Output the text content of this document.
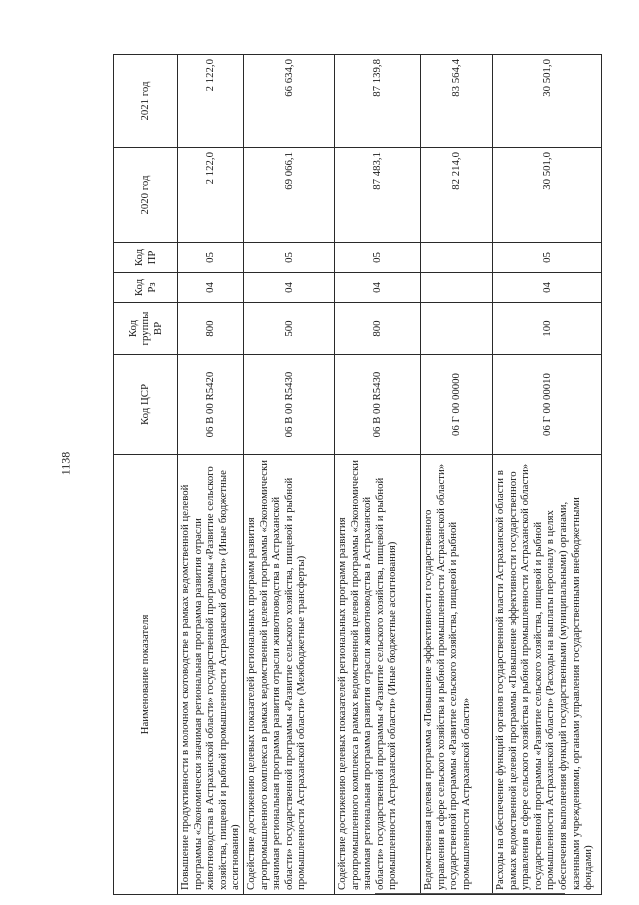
1138
Наименование показателя	Код ЦСР	Код группы ВР	Код Рз	Код ПР	2020 год	2021 год
Повышение продуктивности в молочном скотоводстве в рамках ведомственной целевой программы «Экономически значимая региональная программа развития отрасли животноводства в Астраханской области» государственной программы «Развитие сельского хозяйства, пищевой и рыбной промышленности Астраханской области» (Иные бюджетные ассигнования)	06 В 00 R5420	800	04	05	2 122,0	2 122,0
Содействие достижению целевых показателей региональных программ развития агропромышленного комплекса в рамках ведомственной целевой программы «Экономически значимая региональная программа развития отрасли животноводства в Астраханской области» государственной программы «Развитие сельского хозяйства, пищевой и рыбной промышленности Астраханской области» (Межбюджетные трансферты)	06 В 00 R5430	500	04	05	69 066,1	66 634,0
Содействие достижению целевых показателей региональных программ развития агропромышленного комплекса в рамках ведомственной целевой программы «Экономически значимая региональная программа развития отрасли животноводства в Астраханской области» государственной программы «Развитие сельского хозяйства, пищевой и рыбной промышленности Астраханской области» (Иные бюджетные ассигнования)	06 В 00 R5430	800	04	05	87 483,1	87 139,8
Ведомственная целевая программа «Повышение эффективности государственного управления в сфере сельского хозяйства и рыбной промышленности Астраханской области» государственной программы «Развитие сельского хозяйства, пищевой и рыбной промышленности Астраханской области»	06 Г 00 00000				82 214,0	83 564,4
Расходы на обеспечение функций органов государственной власти Астраханской области в рамках ведомственной целевой программы «Повышение эффективности государственного управления в сфере сельского хозяйства и рыбной промышленности Астраханской области» государственной программы «Развитие сельского хозяйства, пищевой и рыбной промышленности Астраханской области» (Расходы на выплаты персоналу в целях обеспечения выполнения функций государственными (муниципальными) органами, казенными учреждениями, органами управления государственными внебюджетными фондами)	06 Г 00 00010	100	04	05	30 501,0	30 501,0
